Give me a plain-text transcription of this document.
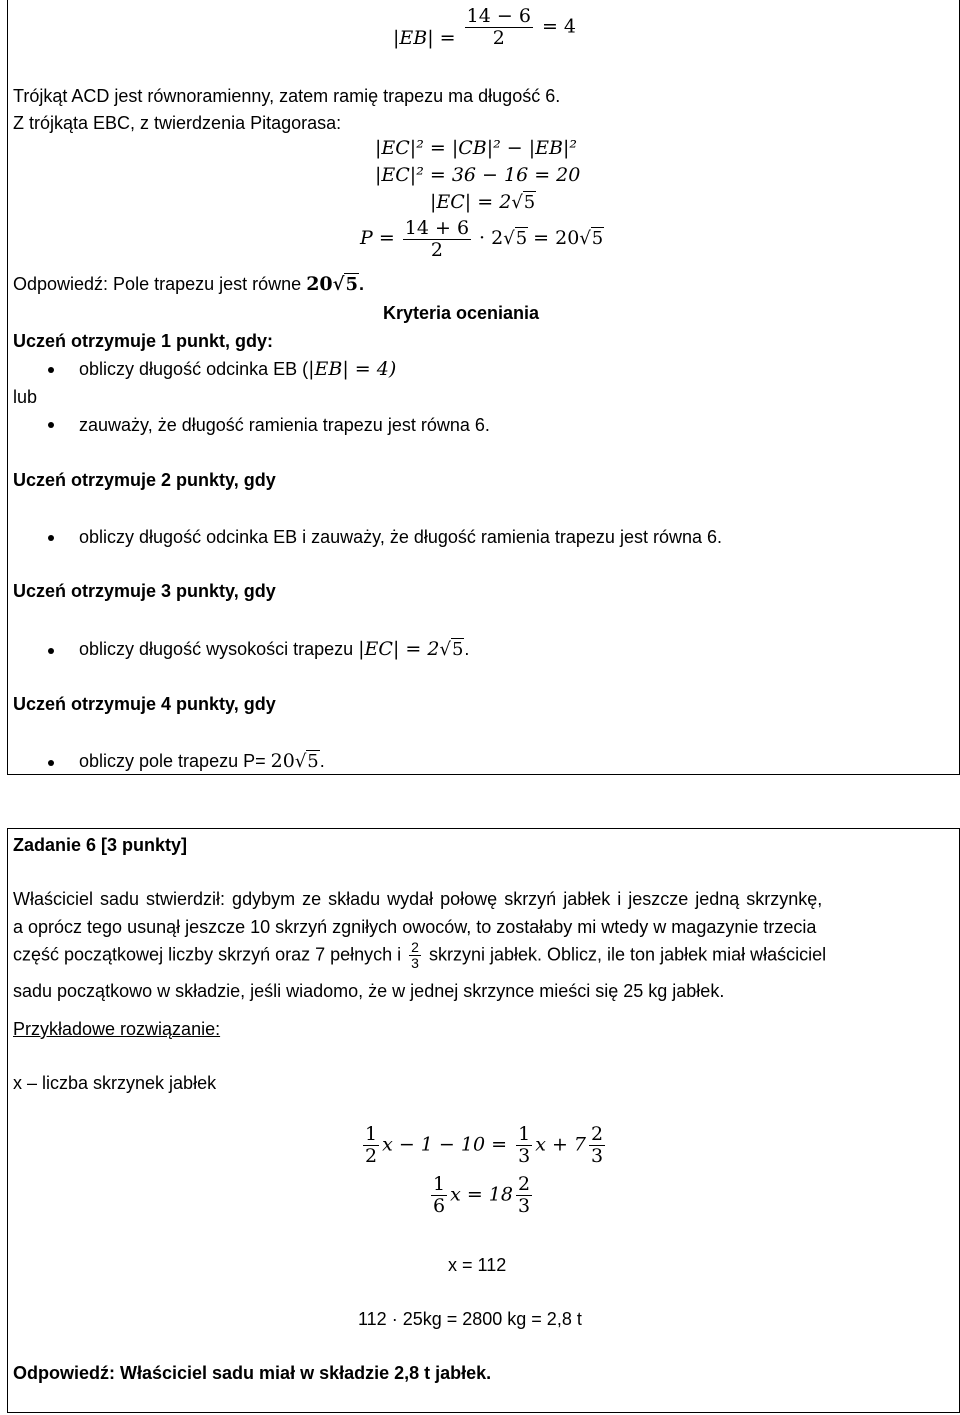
$|EB| = \frac{14 - 6}{2} = 4$
Trójkąt ACD jest równoramienny, zatem ramię trapezu ma długość 6.
Z trójkąta EBC, z twierdzenia Pitagorasa:
|EC|² = |CB|² − |EB|²
|EC|² = 36 − 16 = 20
|EC| = 2√5
$P = \frac{14 + 6}{2} \cdot 2√5 = 20√5$
Odpowiedź: Pole trapezu jest równe 20√5.
Kryteria oceniania
Uczeń otrzymuje 1 punkt, gdy:
obliczy długość odcinka EB (|EB| = 4)
lub
zauważy, że długość ramienia trapezu jest równa 6.
Uczeń otrzymuje 2 punkty, gdy
obliczy długość odcinka EB i zauważy, że długość ramienia trapezu jest równa 6.
Uczeń otrzymuje 3 punkty, gdy
obliczy długość wysokości trapezu |EC| = 2√5.
Uczeń otrzymuje 4 punkty, gdy
obliczy pole trapezu P= 20√5.
Zadanie 6 [3 punkty]
Właściciel sadu stwierdził: gdybym ze składu wydał połowę skrzyń jabłek i jeszcze jedną skrzynkę,
a oprócz tego usunął jeszcze 10 skrzyń zgniłych owoców, to zostałaby mi wtedy w magazynie trzecia
część początkowej liczby skrzyń oraz 7 pełnych i $\frac{2}{3}$ skrzyni jabłek. Oblicz, ile ton jabłek miał właściciel
sadu początkowo w składzie, jeśli wiadomo, że w jednej skrzynce mieści się 25 kg jabłek.
Przykładowe rozwiązanie:
x – liczba skrzynek jabłek
$\frac{1}{2}$ $x - 1 - 10 = \frac{1}{3}$ $x + 7 \frac{2}{3}$
$\frac{1}{6}$ $x = 18 \frac{2}{3}$
x = 112
112 · 25kg = 2800 kg = 2,8 t
Odpowiedź: Właściciel sadu miał w składzie 2,8 t jabłek.
